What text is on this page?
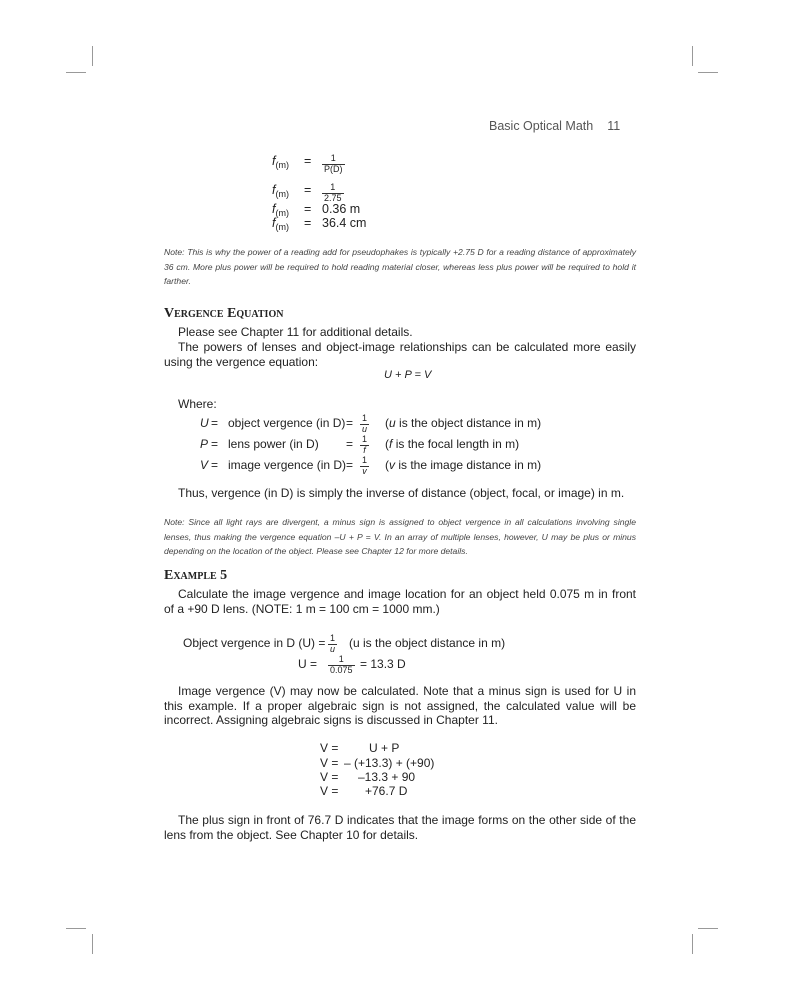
Basic Optical Math 11
$f_{(m)} = \frac{1}{P(D)}$
$f_{(m)} = \frac{1}{2.75}$
$f_{(m)} = 0.36$ m
$f_{(m)} = 36.4$ cm
Note: This is why the power of a reading add for pseudophakes is typically +2.75 D for a reading distance of approximately 36 cm. More plus power will be required to hold reading material closer, whereas less plus power will be required to hold it farther.
Vergence Equation
Please see Chapter 11 for additional details.
The powers of lenses and object-image relationships can be calculated more easily using the vergence equation:
U + P = V
Where:
U = object vergence (in $D) = \frac{1}{u} (u$ is the object distance in m)
P = lens power (in $D) = \frac{1}{f} (f$ is the focal length in m)
V = image vergence (in $D) = \frac{1}{v} (v$ is the image distance in m)
Thus, vergence (in D) is simply the inverse of distance (object, focal, or image) in m.
Note: Since all light rays are divergent, a minus sign is assigned to object vergence in all calculations involving single lenses, thus making the vergence equation –U + P = V. In an array of multiple lenses, however, U may be plus or minus depending on the location of the object. Please see Chapter 12 for more details.
Example 5
Calculate the image vergence and image location for an object held 0.075 m in front of a +90 D lens. (NOTE: 1 m = 100 cm = 1000 mm.)
Object vergence in D $(U) = \frac{1}{u} (u$ is the object distance in m)
$U = \frac{1}{0.075} = 13.3$ D
Image vergence (V) may now be calculated. Note that a minus sign is used for U in this example. If a proper algebraic sign is not assigned, the calculated value will be incorrect. Assigning algebraic signs is discussed in Chapter 11.
V =	U + P
V = – (+13.3) + (+90)
V = –13.3 + 90
V = +76.7 D
The plus sign in front of 76.7 D indicates that the image forms on the other side of the lens from the object. See Chapter 10 for details.
